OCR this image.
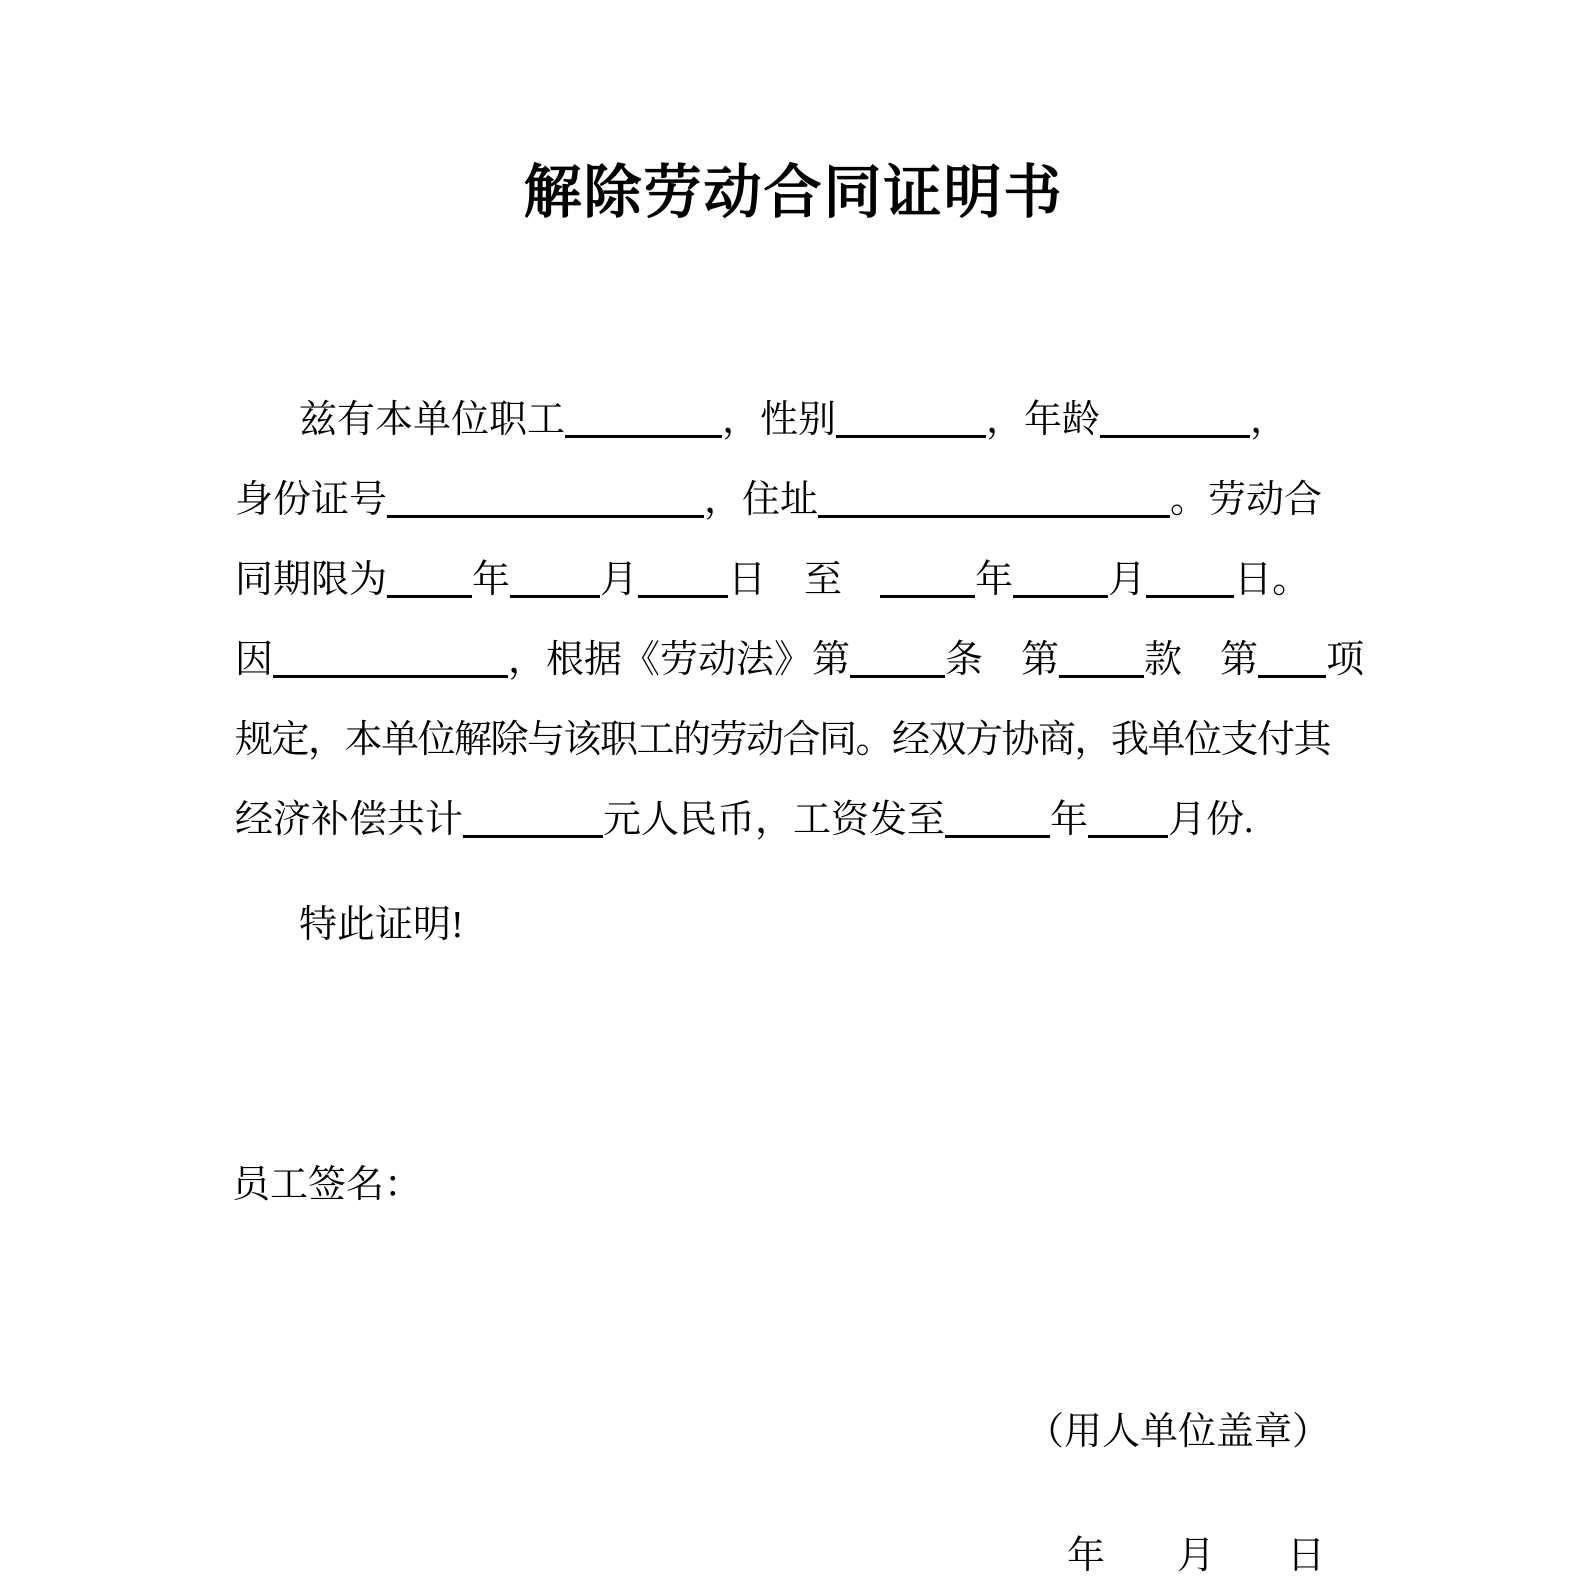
解除劳动合同证明书
兹有本单位职工	，性别	，年龄	，
身份证号	，住址	。劳动合
同期限为 年 月 日　至　	年	月 日。
因	，根据《劳动法》第	条　第 款　第 项
规定，本单位解除与该职工的劳动合同。经双方协商，我单位支付其
经济补偿共计	元人民币，工资发至	年 月份.
特此证明!
员工签名：
（用人单位盖章）
年 月 日
